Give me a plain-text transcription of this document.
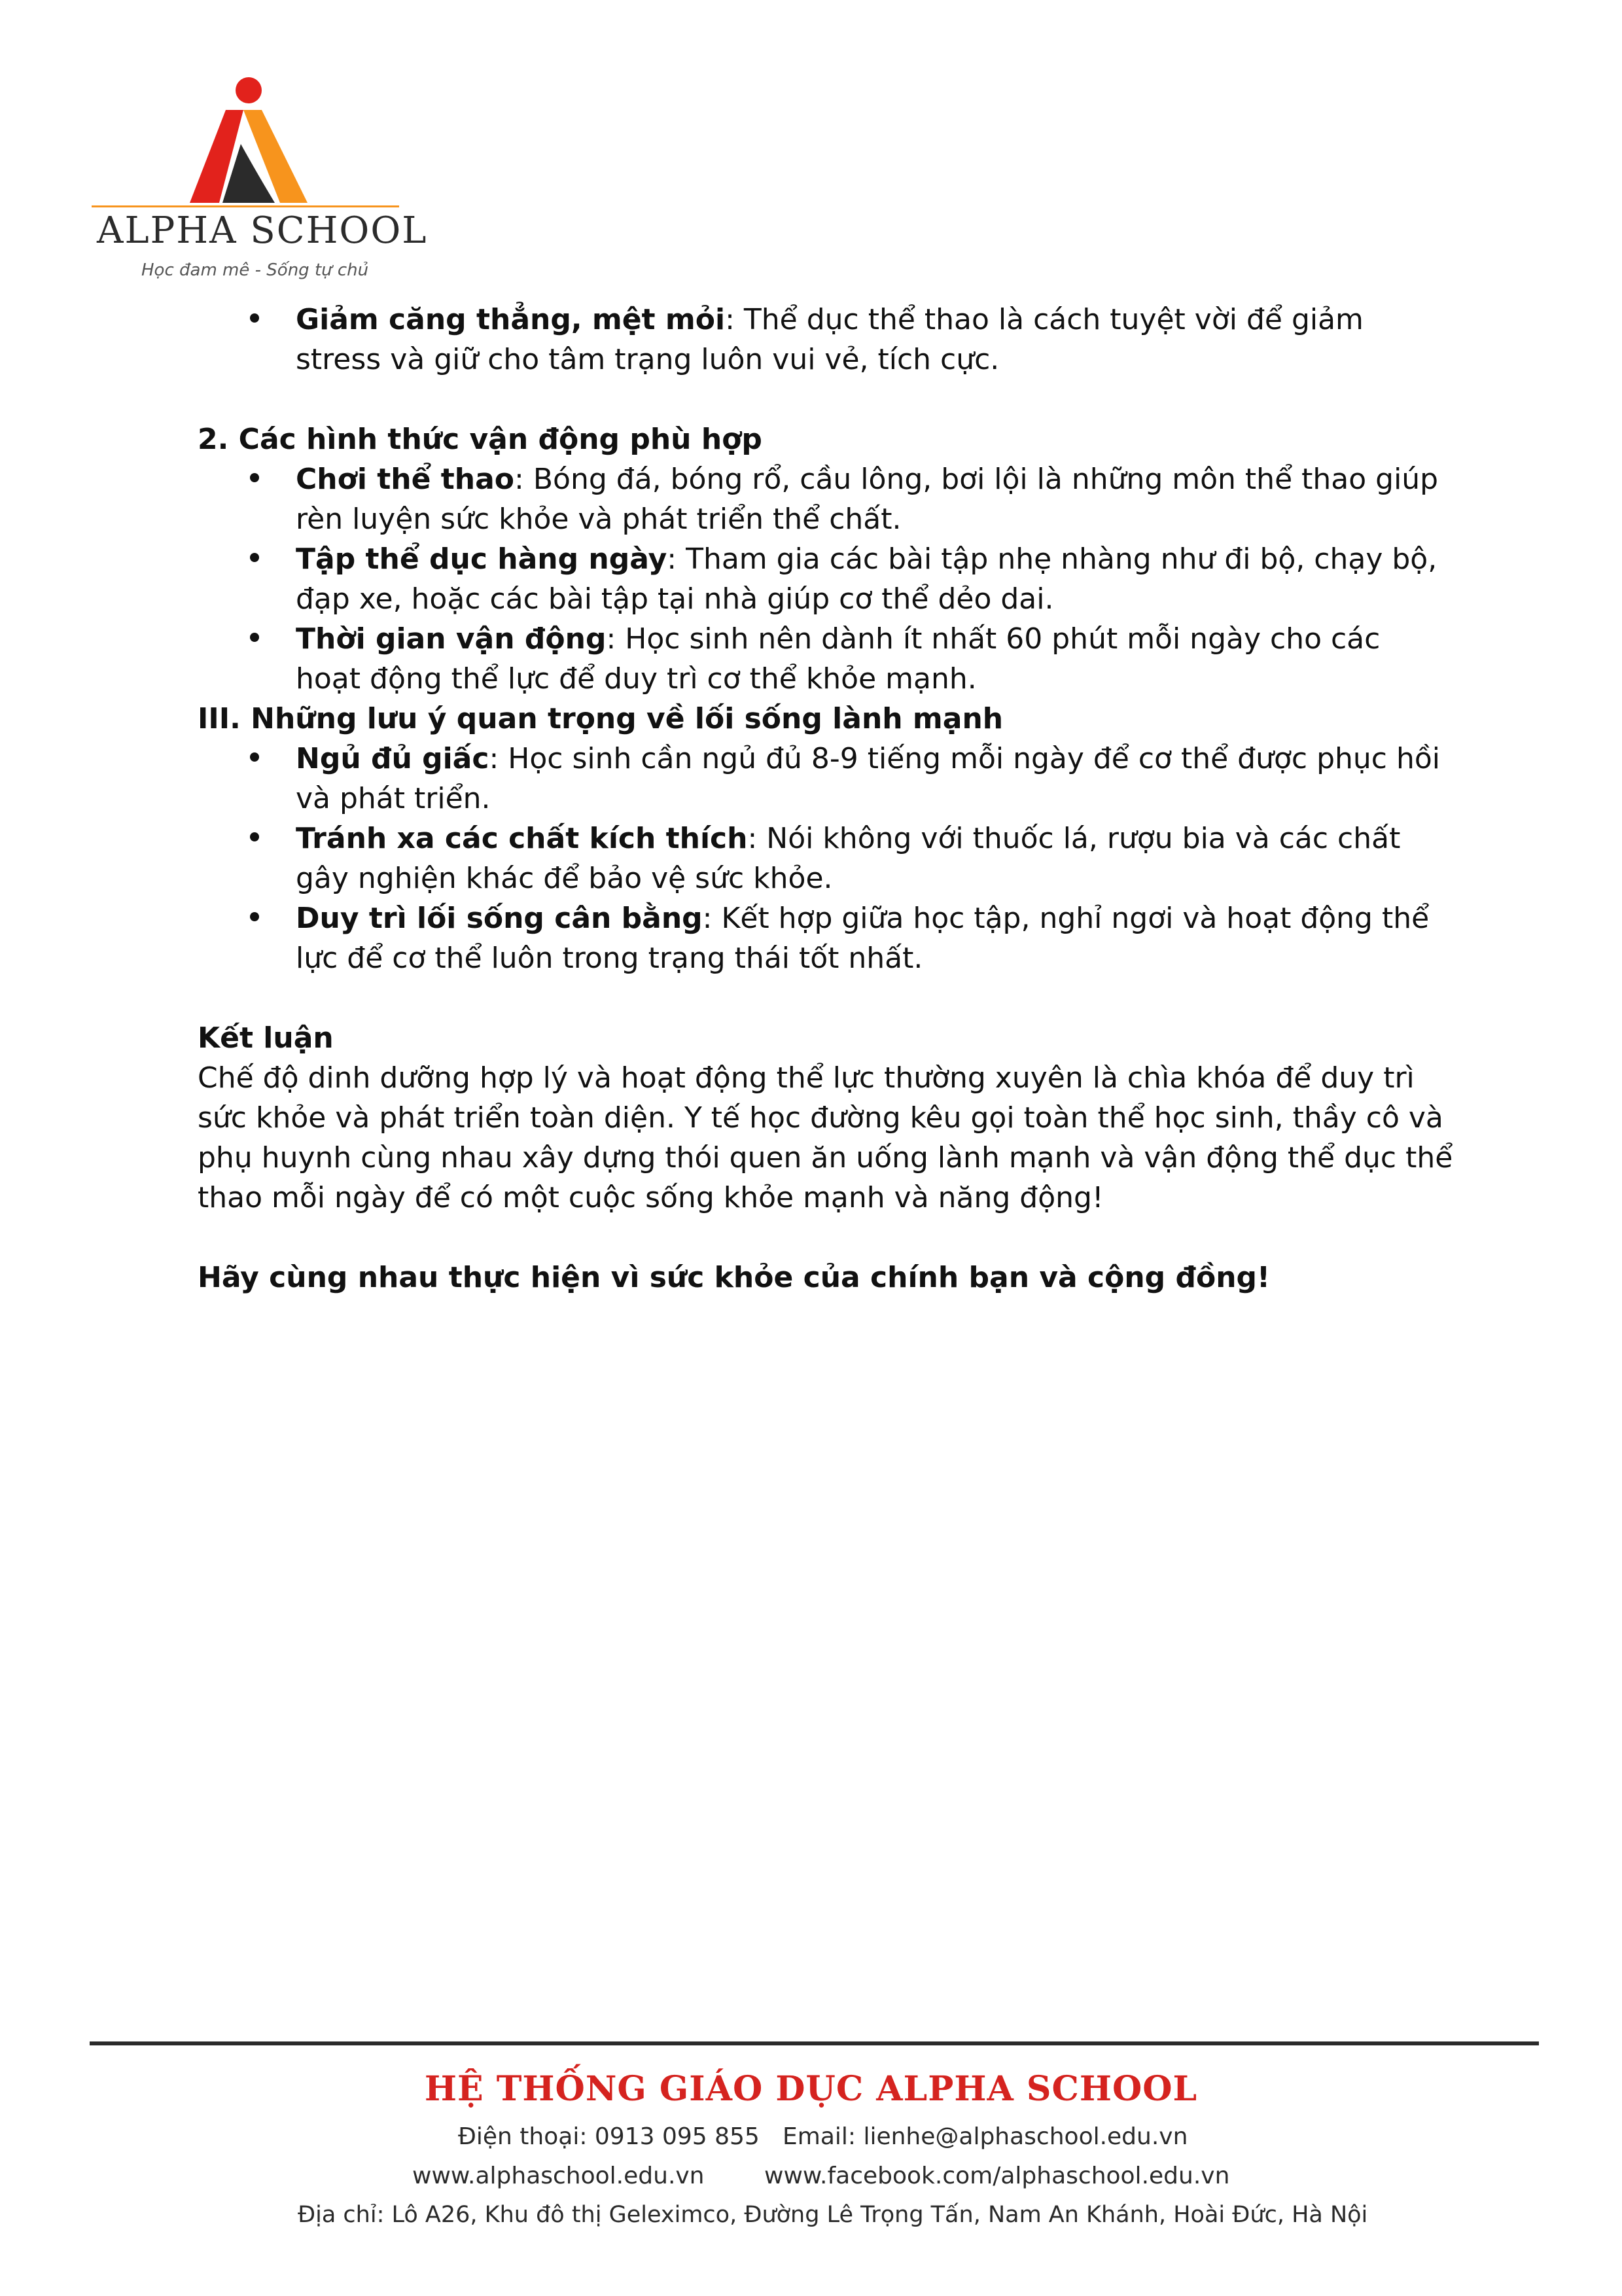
ALPHA SCHOOL
Học đam mê - Sống tự chủ
Giảm căng thẳng, mệt mỏi: Thể dục thể thao là cách tuyệt vời để giảm stress và giữ cho tâm trạng luôn vui vẻ, tích cực.

2. Các hình thức vận động phù hợp

Chơi thể thao: Bóng đá, bóng rổ, cầu lông, bơi lội là những môn thể thao giúp rèn luyện sức khỏe và phát triển thể chất.
Tập thể dục hàng ngày: Tham gia các bài tập nhẹ nhàng như đi bộ, chạy bộ, đạp xe, hoặc các bài tập tại nhà giúp cơ thể dẻo dai.
Thời gian vận động: Học sinh nên dành ít nhất 60 phút mỗi ngày cho các hoạt động thể lực để duy trì cơ thể khỏe mạnh.

III. Những lưu ý quan trọng về lối sống lành mạnh

Ngủ đủ giấc: Học sinh cần ngủ đủ 8-9 tiếng mỗi ngày để cơ thể được phục hồi và phát triển.
Tránh xa các chất kích thích: Nói không với thuốc lá, rượu bia và các chất gây nghiện khác để bảo vệ sức khỏe.
Duy trì lối sống cân bằng: Kết hợp giữa học tập, nghỉ ngơi và hoạt động thể lực để cơ thể luôn trong trạng thái tốt nhất.

Kết luận

Chế độ dinh dưỡng hợp lý và hoạt động thể lực thường xuyên là chìa khóa để duy trì sức khỏe và phát triển toàn diện. Y tế học đường kêu gọi toàn thể học sinh, thầy cô và phụ huynh cùng nhau xây dựng thói quen ăn uống lành mạnh và vận động thể dục thể thao mỗi ngày để có một cuộc sống khỏe mạnh và năng động!

Hãy cùng nhau thực hiện vì sức khỏe của chính bạn và cộng đồng!

HỆ THỐNG GIÁO DỤC ALPHA SCHOOL
Điện thoại: 0913 095 855 Email: lienhe@alphaschool.edu.vn
www.alphaschool.edu.vn	www.facebook.com/alphaschool.edu.vn
Địa chỉ: Lô A26, Khu đô thị Geleximco, Đường Lê Trọng Tấn, Nam An Khánh, Hoài Đức, Hà Nội
